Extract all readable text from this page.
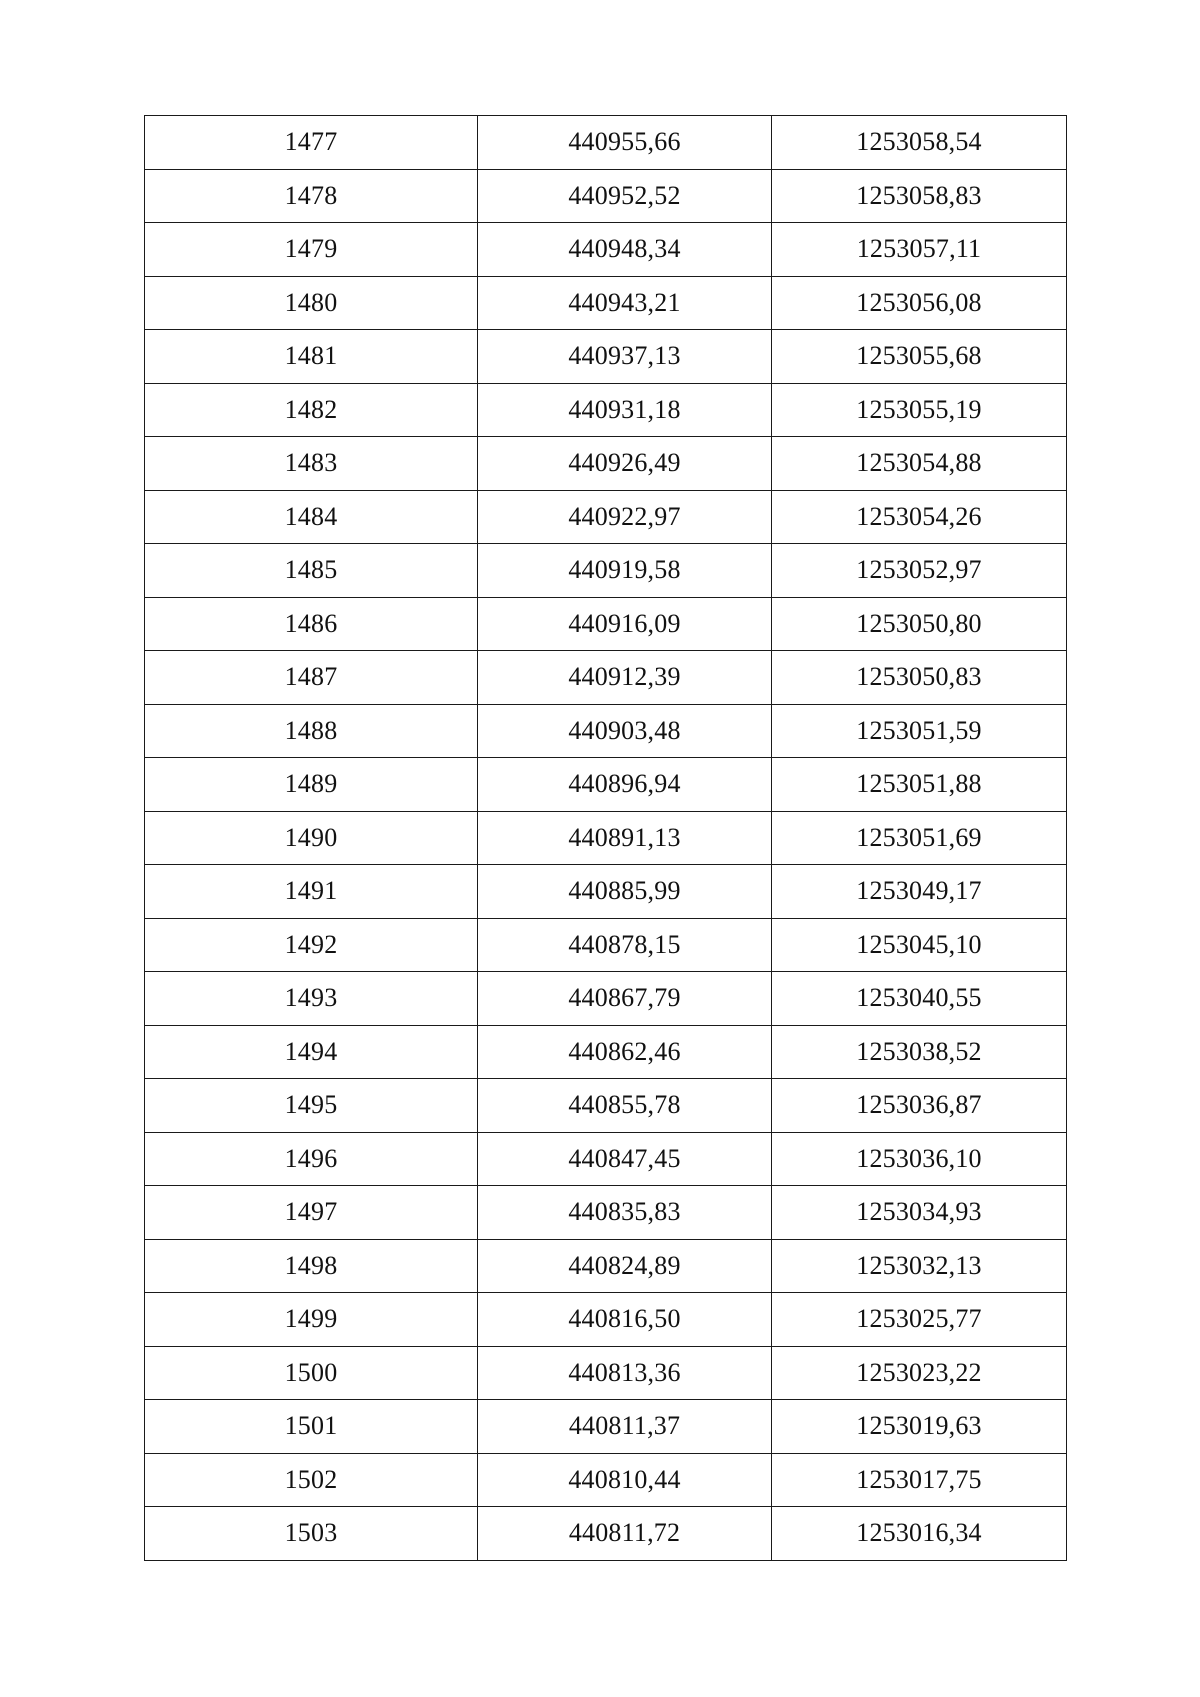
1477	440955,66	1253058,54
1478	440952,52	1253058,83
1479	440948,34	1253057,11
1480	440943,21	1253056,08
1481	440937,13	1253055,68
1482	440931,18	1253055,19
1483	440926,49	1253054,88
1484	440922,97	1253054,26
1485	440919,58	1253052,97
1486	440916,09	1253050,80
1487	440912,39	1253050,83
1488	440903,48	1253051,59
1489	440896,94	1253051,88
1490	440891,13	1253051,69
1491	440885,99	1253049,17
1492	440878,15	1253045,10
1493	440867,79	1253040,55
1494	440862,46	1253038,52
1495	440855,78	1253036,87
1496	440847,45	1253036,10
1497	440835,83	1253034,93
1498	440824,89	1253032,13
1499	440816,50	1253025,77
1500	440813,36	1253023,22
1501	440811,37	1253019,63
1502	440810,44	1253017,75
1503	440811,72	1253016,34
